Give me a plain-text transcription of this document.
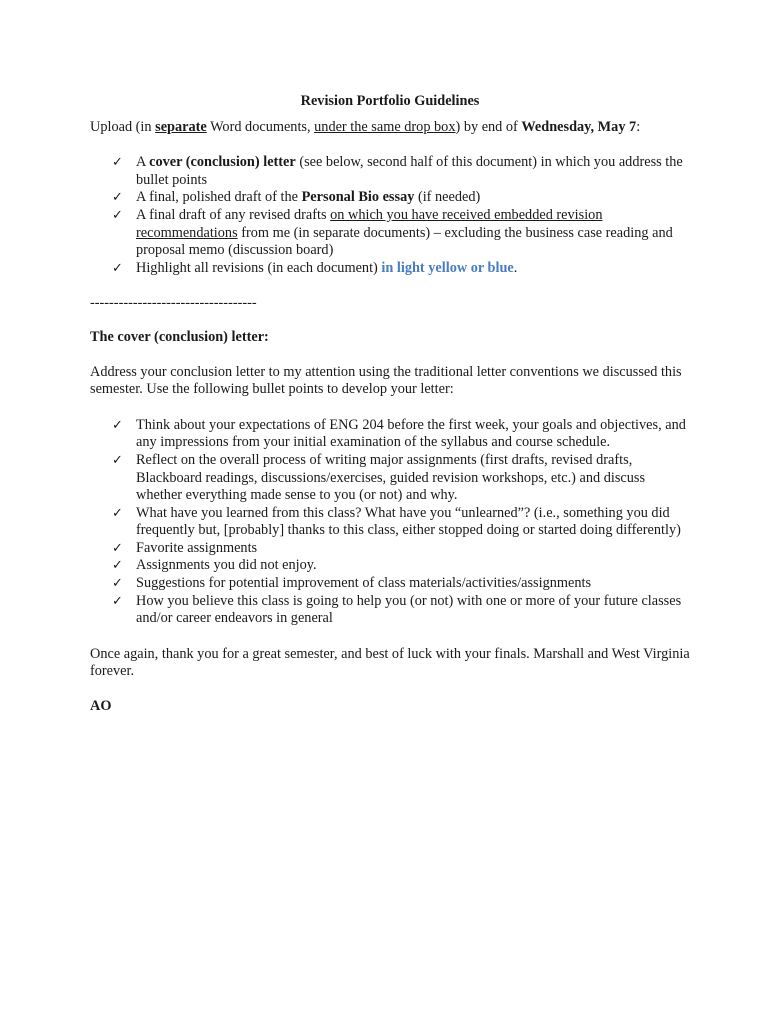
Revision Portfolio Guidelines

Upload (in separate Word documents, under the same drop box) by end of Wednesday, May 7:

✓ A cover (conclusion) letter (see below, second half of this document) in which you address the bullet points
✓ A final, polished draft of the Personal Bio essay (if needed)
✓ A final draft of any revised drafts on which you have received embedded revision recommendations from me (in separate documents) – excluding the business case reading and proposal memo (discussion board)
✓ Highlight all revisions (in each document) in light yellow or blue.

-----------------------------------

The cover (conclusion) letter:

Address your conclusion letter to my attention using the traditional letter conventions we discussed this semester. Use the following bullet points to develop your letter:

✓ Think about your expectations of ENG 204 before the first week, your goals and objectives, and any impressions from your initial examination of the syllabus and course schedule.
✓ Reflect on the overall process of writing major assignments (first drafts, revised drafts, Blackboard readings, discussions/exercises, guided revision workshops, etc.) and discuss whether everything made sense to you (or not) and why.
✓ What have you learned from this class? What have you “unlearned”? (i.e., something you did frequently but, [probably] thanks to this class, either stopped doing or started doing differently)
✓ Favorite assignments
✓ Assignments you did not enjoy.
✓ Suggestions for potential improvement of class materials/activities/assignments
✓ How you believe this class is going to help you (or not) with one or more of your future classes and/or career endeavors in general

Once again, thank you for a great semester, and best of luck with your finals. Marshall and West Virginia forever.

AO
